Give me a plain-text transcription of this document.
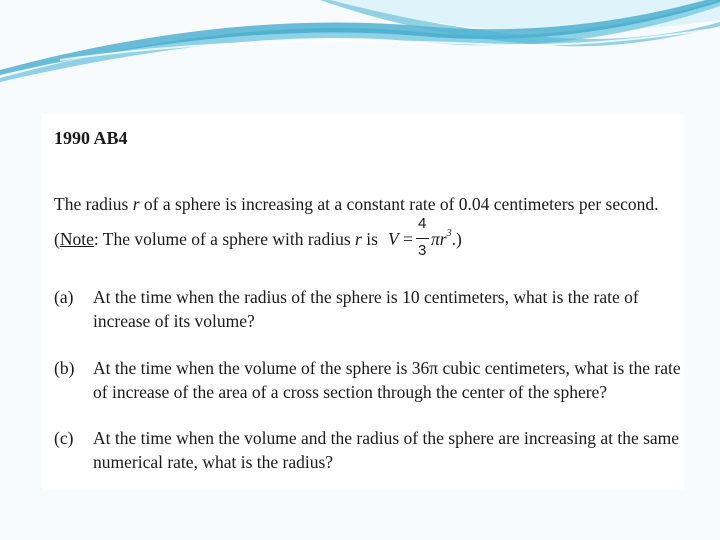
1990 AB4
The radius r of a sphere is increasing at a constant rate of 0.04 centimeters per second.
(Note: The volume of a sphere with radius r is V =
4
3
$\pi r^3$.)
(a) At the time when the radius of the sphere is 10 centimeters, what is the rate of
increase of its volume?
(b) At the time when the volume of the sphere is 36π cubic centimeters, what is the rate
of increase of the area of a cross section through the center of the sphere?
(c) At the time when the volume and the radius of the sphere are increasing at the same
numerical rate, what is the radius?
